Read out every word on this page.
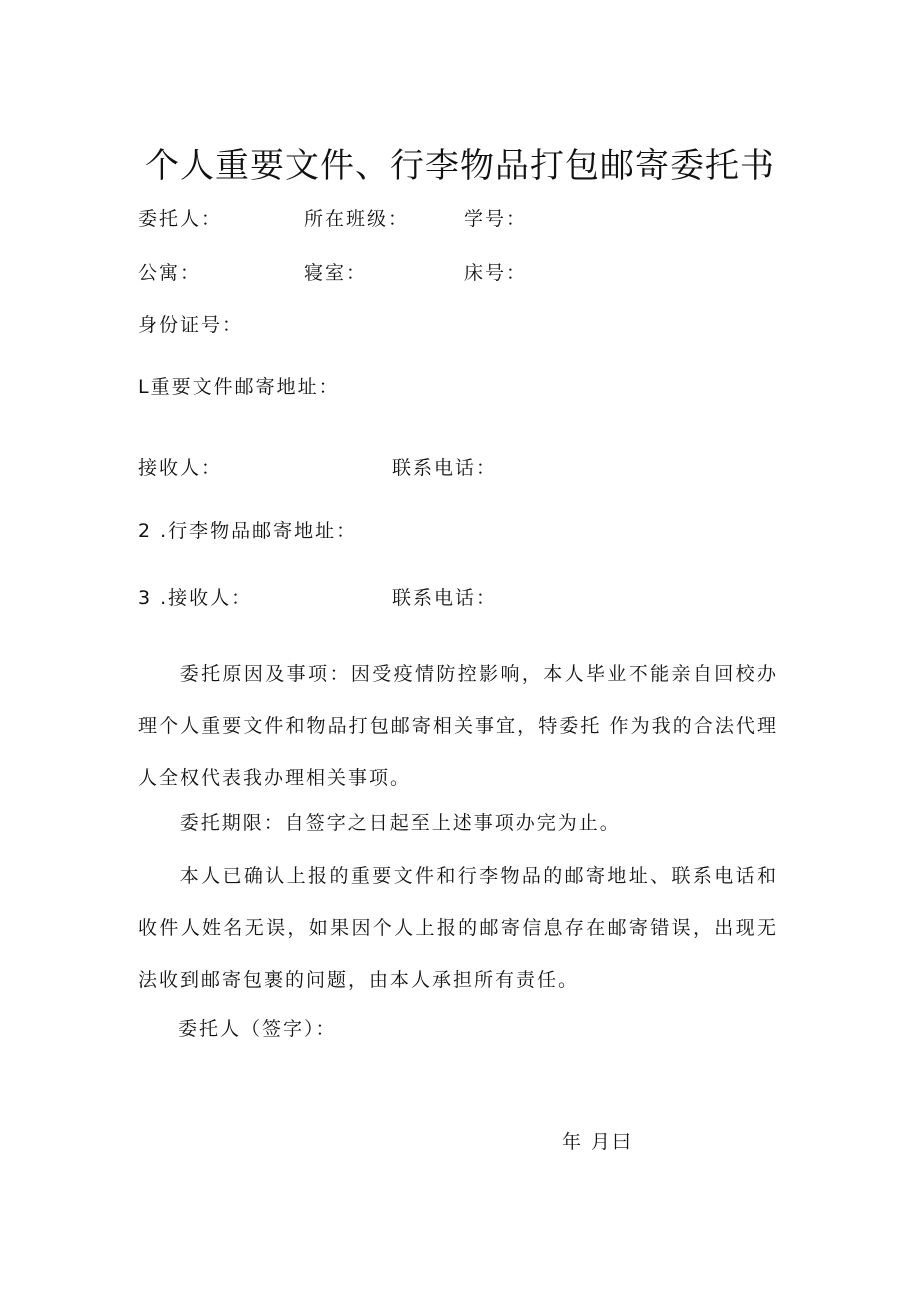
个人重要文件、行李物品打包邮寄委托书
委托人：	所在班级：	学号：
公寓：	寝室：	床号：
身份证号：
L重要文件邮寄地址：
接收人：	联系电话：
2 .行李物品邮寄地址：
3 .接收人：	联系电话：
委托原因及事项：因受疫情防控影响，本人毕业不能亲自回校办理个人重要文件和物品打包邮寄相关事宜，特委托 作为我的合法代理人全权代表我办理相关事项。
委托期限：自签字之日起至上述事项办完为止。
本人已确认上报的重要文件和行李物品的邮寄地址、联系电话和收件人姓名无误，如果因个人上报的邮寄信息存在邮寄错误，出现无法收到邮寄包裹的问题，由本人承担所有责任。
委托人（签字）：
年 月曰
